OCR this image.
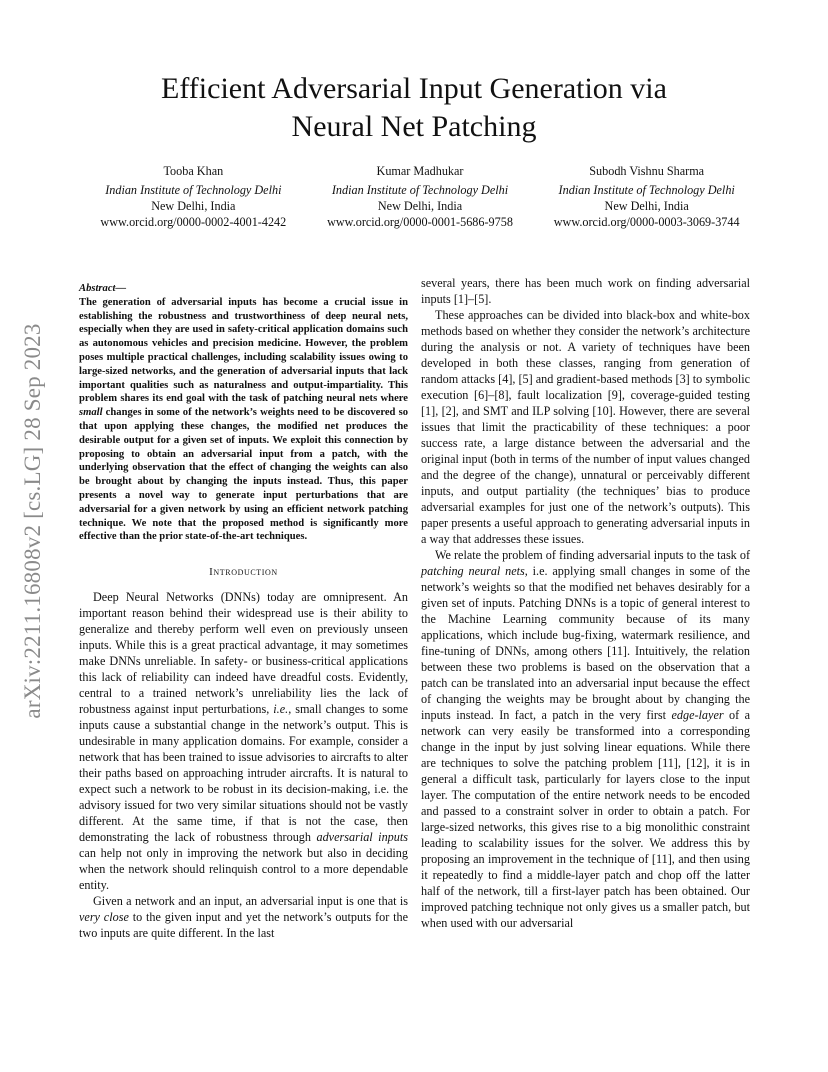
arXiv:2211.16808v2 [cs.LG] 28 Sep 2023
Efficient Adversarial Input Generation via
Neural Net Patching
Tooba Khan
Indian Institute of Technology Delhi
New Delhi, India
www.orcid.org/0000-0002-4001-4242
Kumar Madhukar
Indian Institute of Technology Delhi
New Delhi, India
www.orcid.org/0000-0001-5686-9758
Subodh Vishnu Sharma
Indian Institute of Technology Delhi
New Delhi, India
www.orcid.org/0000-0003-3069-3744
Abstract—
The generation of adversarial inputs has become a crucial issue in establishing the robustness and trustworthiness of deep neural nets, especially when they are used in safety-critical application domains such as autonomous vehicles and precision medicine. However, the problem poses multiple practical challenges, including scalability issues owing to large-sized networks, and the generation of adversarial inputs that lack important qualities such as naturalness and output-impartiality. This problem shares its end goal with the task of patching neural nets where small changes in some of the network’s weights need to be discovered so that upon applying these changes, the modified net produces the desirable output for a given set of inputs. We exploit this connection by proposing to obtain an adversarial input from a patch, with the underlying observation that the effect of changing the weights can also be brought about by changing the inputs instead. Thus, this paper presents a novel way to generate input perturbations that are adversarial for a given network by using an efficient network patching technique. We note that the proposed method is significantly more effective than the prior state-of-the-art techniques.
Introduction

Deep Neural Networks (DNNs) today are omnipresent. An important reason behind their widespread use is their ability to generalize and thereby perform well even on previously unseen inputs. While this is a great practical advantage, it may sometimes make DNNs unreliable. In safety- or business-critical applications this lack of reliability can indeed have dreadful costs. Evidently, central to a trained network’s unreliability lies the lack of robustness against input perturbations, i.e., small changes to some inputs cause a substantial change in the network’s output. This is undesirable in many application domains. For example, consider a network that has been trained to issue advisories to aircrafts to alter their paths based on approaching intruder aircrafts. It is natural to expect such a network to be robust in its decision-making, i.e. the advisory issued for two very similar situations should not be vastly different. At the same time, if that is not the case, then demonstrating the lack of robustness through adversarial inputs can help not only in improving the network but also in deciding when the network should relinquish control to a more dependable entity.

Given a network and an input, an adversarial input is one that is very close to the given input and yet the network’s outputs for the two inputs are quite different. In the last

several years, there has been much work on finding adversarial inputs [1]–[5].

These approaches can be divided into black-box and white-box methods based on whether they consider the network’s architecture during the analysis or not. A variety of techniques have been developed in both these classes, ranging from generation of random attacks [4], [5] and gradient-based methods [3] to symbolic execution [6]–[8], fault localization [9], coverage-guided testing [1], [2], and SMT and ILP solving [10]. However, there are several issues that limit the practicability of these techniques: a poor success rate, a large distance between the adversarial and the original input (both in terms of the number of input values changed and the degree of the change), unnatural or perceivably different inputs, and output partiality (the techniques’ bias to produce adversarial examples for just one of the network’s outputs). This paper presents a useful approach to generating adversarial inputs in a way that addresses these issues.

We relate the problem of finding adversarial inputs to the task of patching neural nets, i.e. applying small changes in some of the network’s weights so that the modified net behaves desirably for a given set of inputs. Patching DNNs is a topic of general interest to the Machine Learning community because of its many applications, which include bug-fixing, watermark resilience, and fine-tuning of DNNs, among others [11]. Intuitively, the relation between these two problems is based on the observation that a patch can be translated into an adversarial input because the effect of changing the weights may be brought about by changing the inputs instead. In fact, a patch in the very first edge-layer of a network can very easily be transformed into a corresponding change in the input by just solving linear equations. While there are techniques to solve the patching problem [11], [12], it is in general a difficult task, particularly for layers close to the input layer. The computation of the entire network needs to be encoded and passed to a constraint solver in order to obtain a patch. For large-sized networks, this gives rise to a big monolithic constraint leading to scalability issues for the solver. We address this by proposing an improvement in the technique of [11], and then using it repeatedly to find a middle-layer patch and chop off the latter half of the network, till a first-layer patch has been obtained. Our improved patching technique not only gives us a smaller patch, but when used with our adversarial
